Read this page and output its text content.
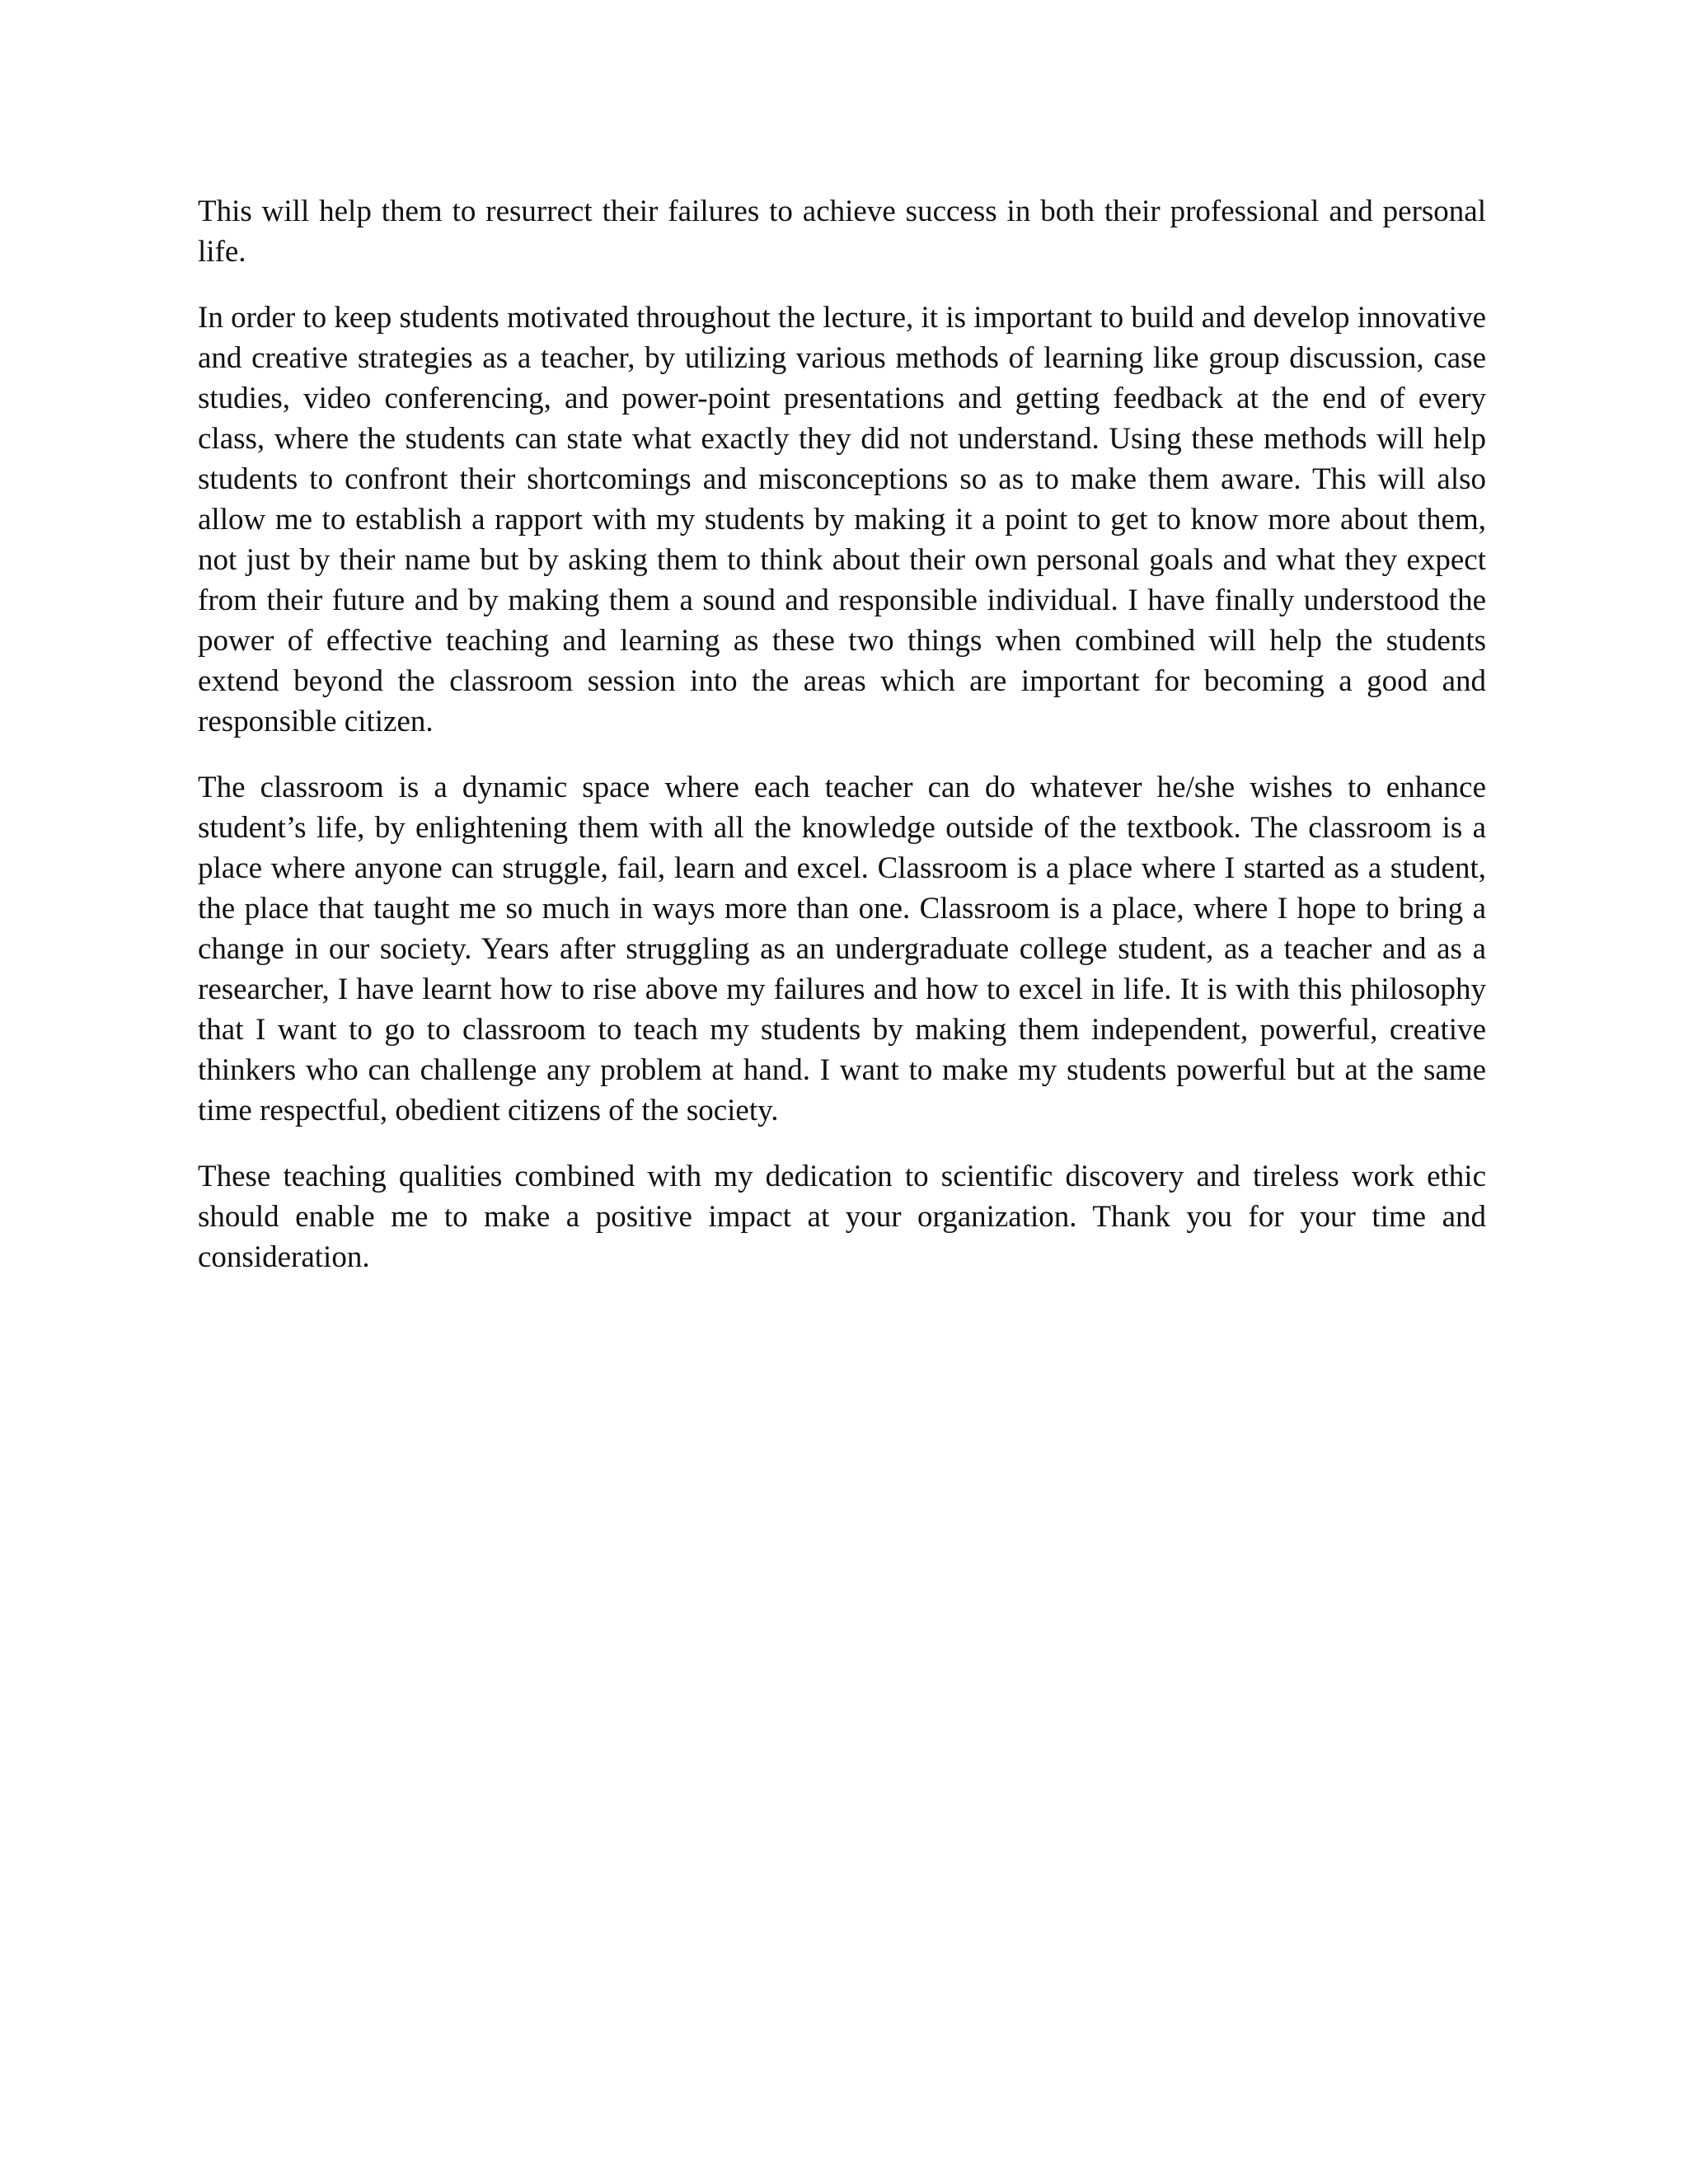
This will help them to resurrect their failures to achieve success in both their professional and personal life.

In order to keep students motivated throughout the lecture, it is important to build and develop innovative and creative strategies as a teacher, by utilizing various methods of learning like group discussion, case studies, video conferencing, and power-point presentations and getting feedback at the end of every class, where the students can state what exactly they did not understand. Using these methods will help students to confront their shortcomings and misconceptions so as to make them aware. This will also allow me to establish a rapport with my students by making it a point to get to know more about them, not just by their name but by asking them to think about their own personal goals and what they expect from their future and by making them a sound and responsible individual. I have finally understood the power of effective teaching and learning as these two things when combined will help the students extend beyond the classroom session into the areas which are important for becoming a good and responsible citizen.

The classroom is a dynamic space where each teacher can do whatever he/she wishes to enhance student’s life, by enlightening them with all the knowledge outside of the textbook. The classroom is a place where anyone can struggle, fail, learn and excel. Classroom is a place where I started as a student, the place that taught me so much in ways more than one. Classroom is a place, where I hope to bring a change in our society. Years after struggling as an undergraduate college student, as a teacher and as a researcher, I have learnt how to rise above my failures and how to excel in life. It is with this philosophy that I want to go to classroom to teach my students by making them independent, powerful, creative thinkers who can challenge any problem at hand. I want to make my students powerful but at the same time respectful, obedient citizens of the society.

These teaching qualities combined with my dedication to scientific discovery and tireless work ethic should enable me to make a positive impact at your organization. Thank you for your time and consideration.
